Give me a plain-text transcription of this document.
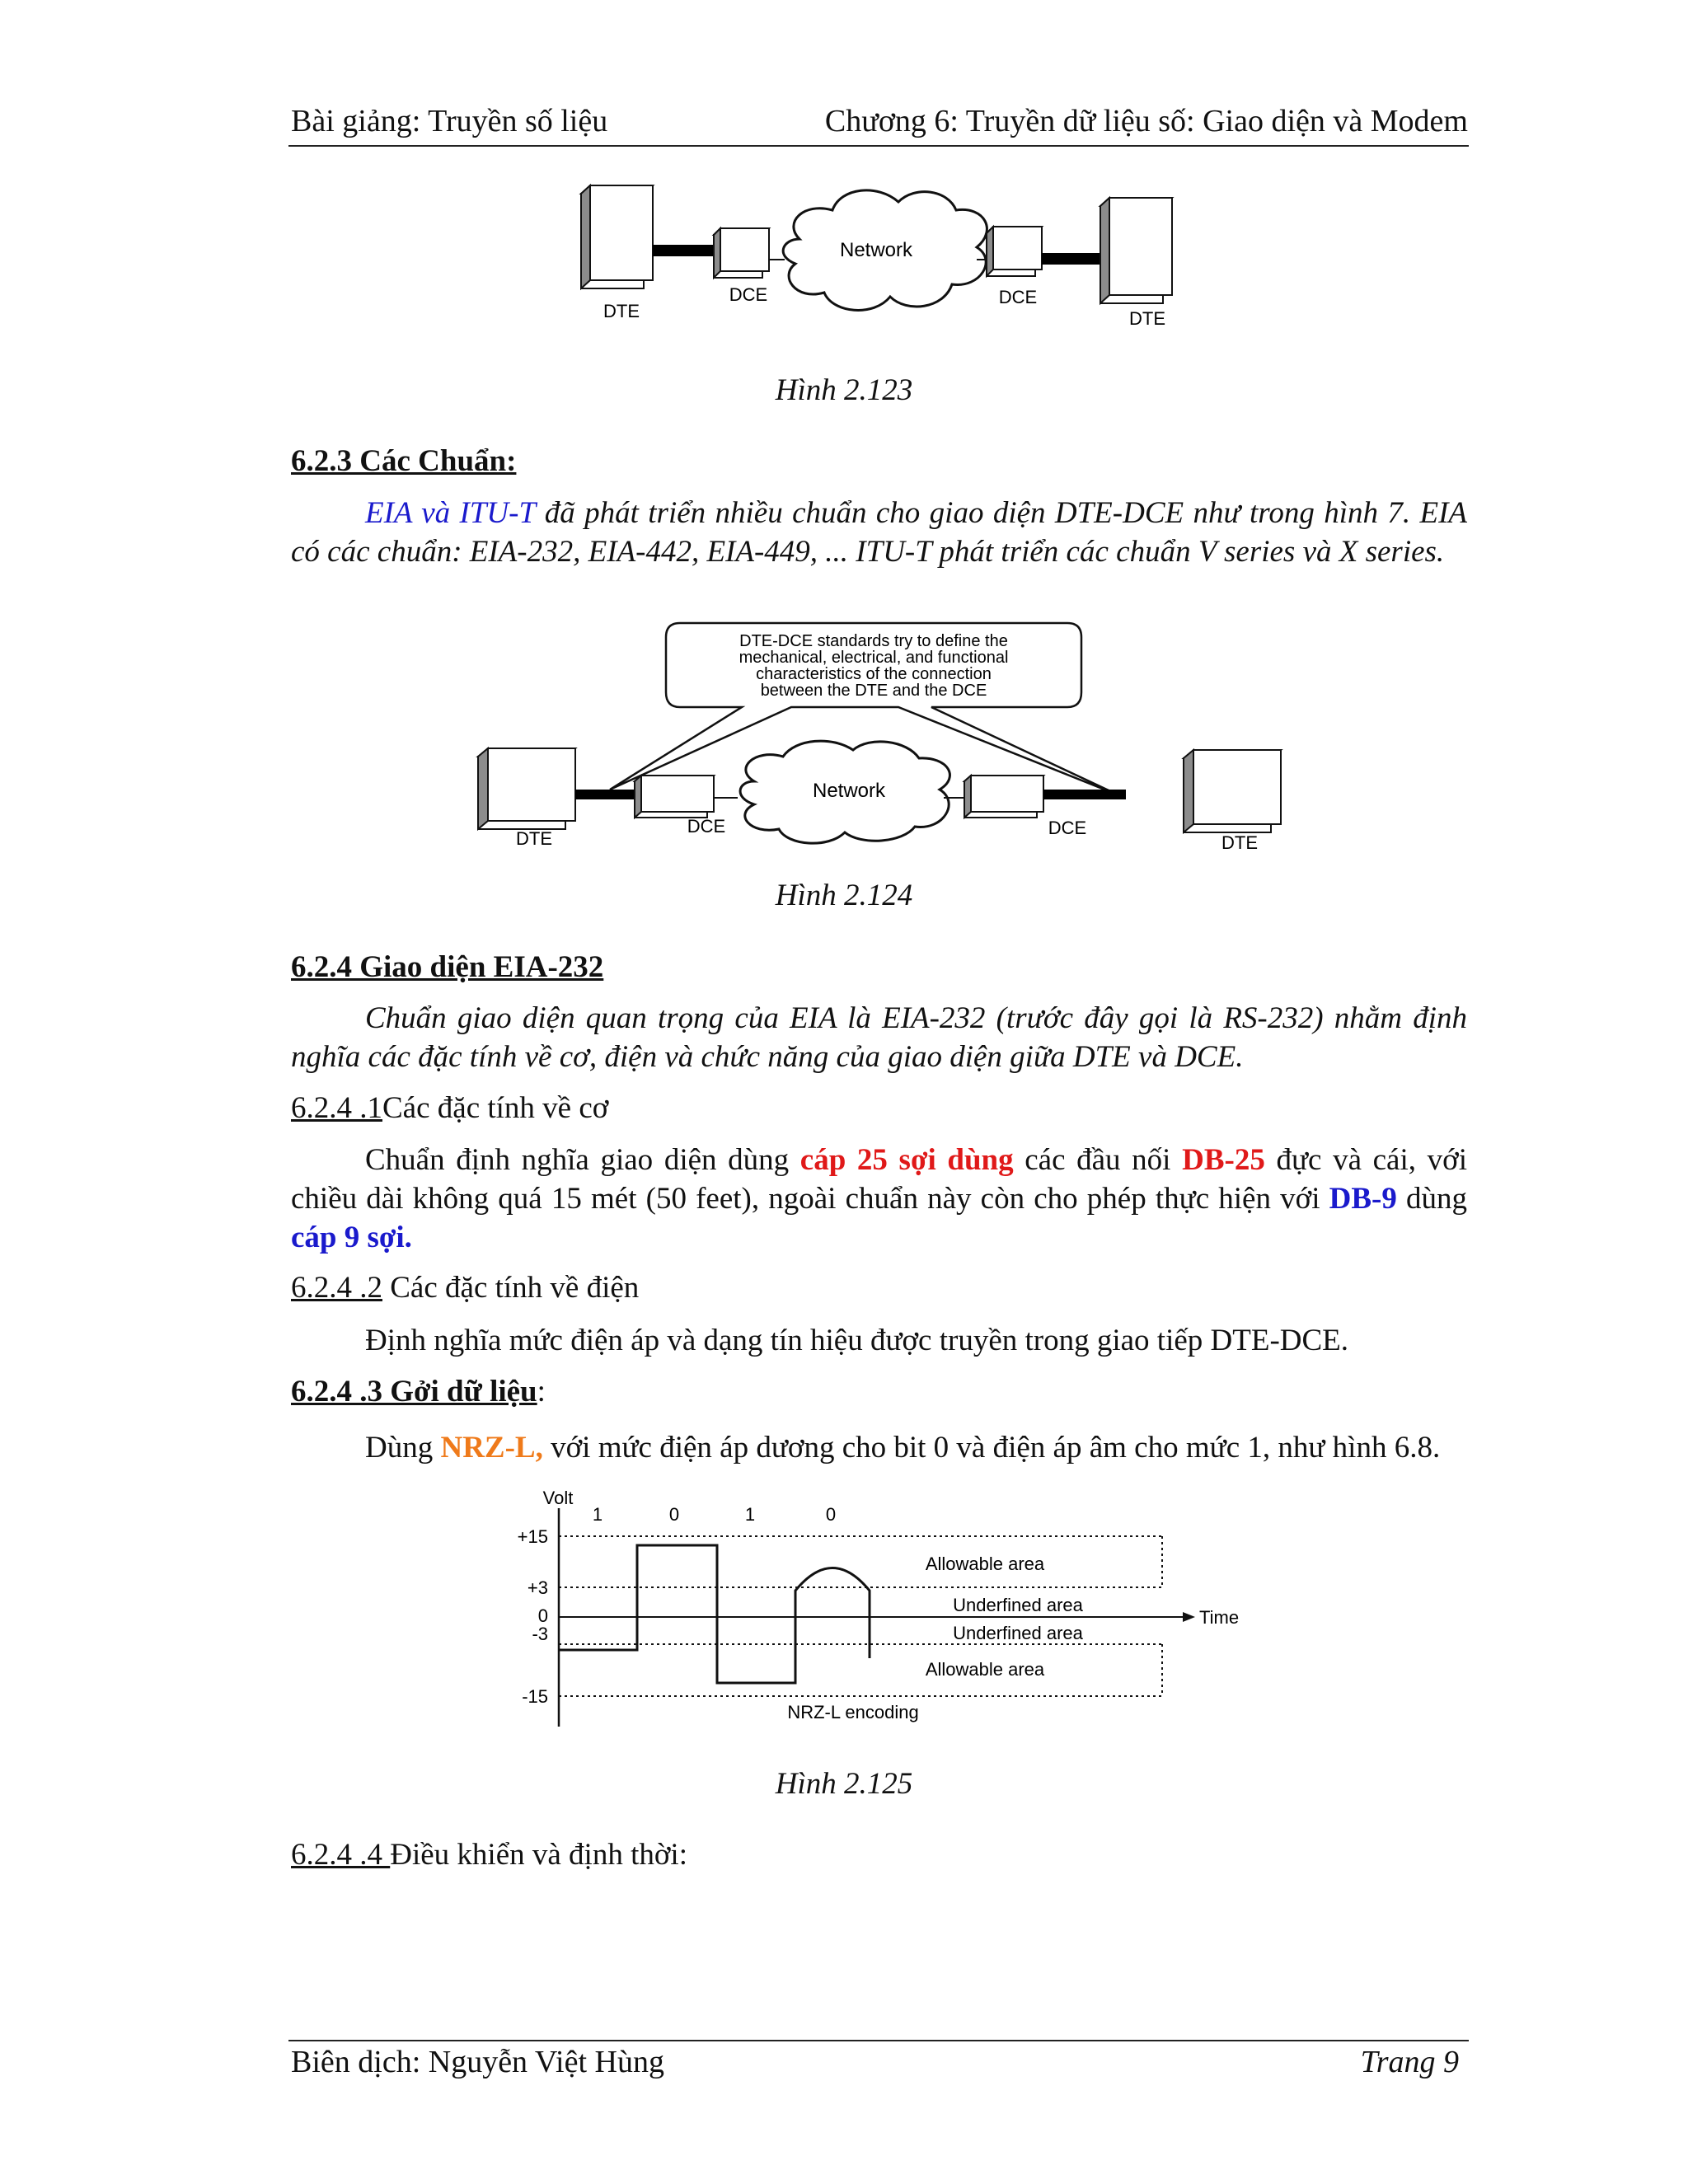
Bài giảng: Truyền số liệu	Chương 6: Truyền dữ liệu số: Giao diện và Modem
Network
DTE
DCE	DCE
DTE
Hình 2.123
6.2.3 Các Chuẩn:
EIA và ITU-T đã phát triển nhiều chuẩn cho giao diện DTE-DCE như trong hình 7. EIA có các chuẩn: EIA-232, EIA-442, EIA-449, ... ITU-T phát triển các chuẩn V series và X series.
DTE-DCE standards try to define the
mechanical, electrical, and functional
characteristics of the connection
between the DTE and the DCE
Network
DTE
DCE	DCE
DTE
Hình 2.124
6.2.4 Giao diện EIA-232
Chuẩn giao diện quan trọng của EIA là EIA-232 (trước đây gọi là RS-232) nhằm định nghĩa các đặc tính về cơ, điện và chức năng của giao diện giữa DTE và DCE.
6.2.4 .1Các đặc tính về cơ
Chuẩn định nghĩa giao diện dùng cáp 25 sợi dùng các đầu nối DB-25 đực và cái, với chiều dài không quá 15 mét (50 feet), ngoài chuẩn này còn cho phép thực hiện với DB-9 dùng cáp 9 sợi.
6.2.4 .2 Các đặc tính về điện
Định nghĩa mức điện áp và dạng tín hiệu được truyền trong giao tiếp DTE-DCE.
6.2.4 .3 Gởi dữ liệu:
Dùng NRZ-L, với mức điện áp dương cho bit 0 và điện áp âm cho mức 1, như hình 6.8.
Volt
Time
+15
+3
0
-3
-15
1	0	1	0
Allowable area
Underfined area
Underfined area
Allowable area
NRZ-L encoding
Hình 2.125
6.2.4 .4 Điều khiển và định thời:
Biên dịch: Nguyễn Việt Hùng	Trang 9
